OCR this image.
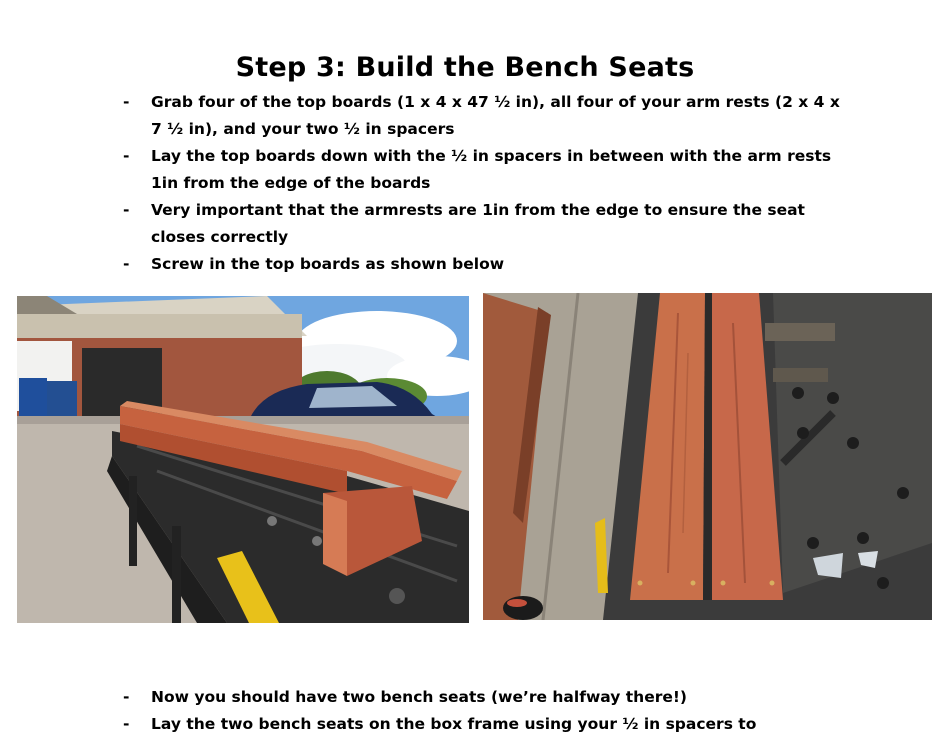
Step 3: Build the Bench Seats
- Grab four of the top boards (1 x 4 x 47 ½ in), all four of your arm rests (2 x 4 x 7 ½ in), and your two ½ in spacers
- Lay the top boards down with the ½ in spacers in between with the arm rests 1in from the edge of the boards
- Very important that the armrests are 1in from the edge to ensure the seat closes correctly
- Screw in the top boards as shown below
- Now you should have two bench seats (we’re halfway there!)
- Lay the two bench seats on the box frame using your ½ in spacers to
